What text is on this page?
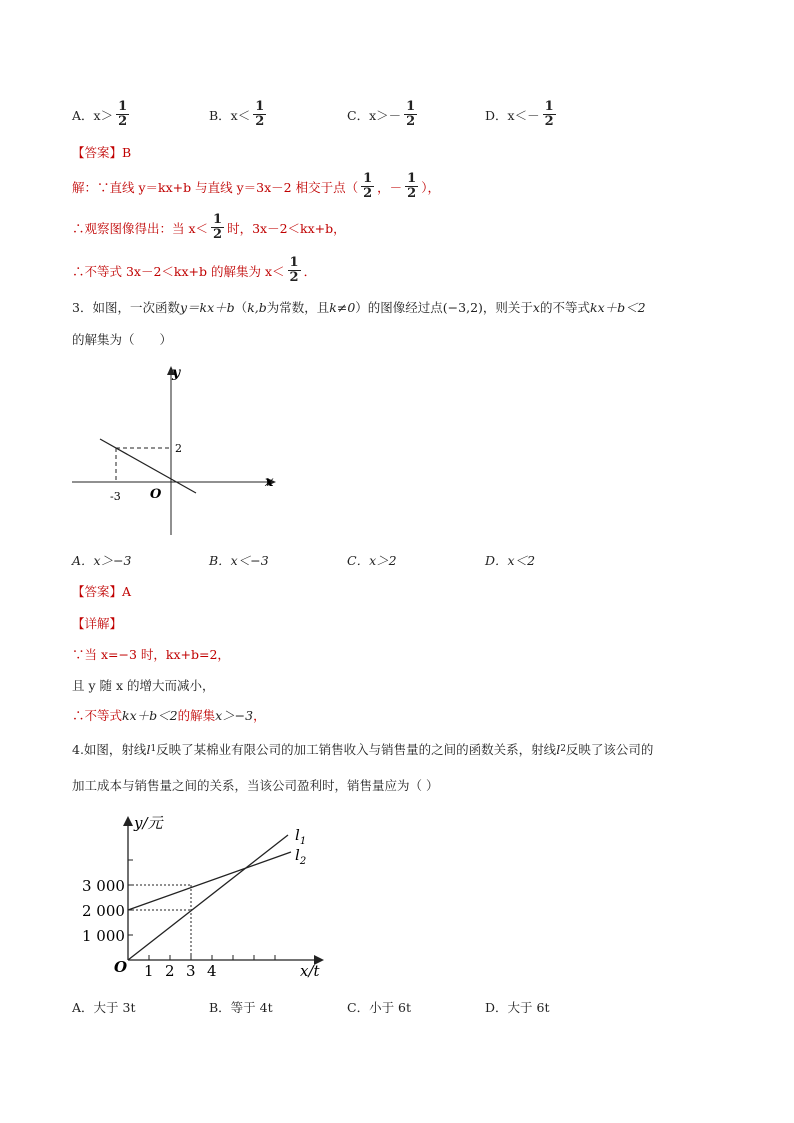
A．$x> \frac{1}{2}$	B．$x< \frac{1}{2}$	C．$x>- \frac{1}{2}$	D．$x<- \frac{1}{2}$
【答案】B
解：∵直线 y＝kx+b 与直线 y＝3x－2 相交于点（ $\frac{1}{2}$ ，－ $\frac{1}{2}$ ），
∴观察图像得出：当 $x< \frac{1}{2}$ 时，3x－2＜kx+b，
∴不等式 3x－2＜kx+b 的解集为 $x< \frac{1}{2}$ ．
3．如图，一次函数 y＝kx＋b （ k,b 为常数，且 k≠0 ）的图像经过点 (−3,2) ，则关于 x 的不等式 kx＋b＜2
的解集为（　　）
y
x
O
-3
2
A．x＞−3	B．x＜−3	C．x＞2	D．x＜2
【答案】A
【详解】
∵当 x=−3 时，kx+b=2，
且 y 随 x 的增大而减小，
∴不等式 kx＋b＜2 的解集 x＞−3 ，
4.如图，射线 l 1 反映了某棉业有限公司的加工销售收入与销售量的之间的函数关系，射线 l 2 反映了该公司的
加工成本与销售量之间的关系，当该公司盈利时，销售量应为（ ）
y/元
x/t
O
3 000
2 000
1 000
1 2 3 4
$l_1$
$l_2$
A．大于 3t	B．等于 4t	C．小于 6t	D．大于 6t
